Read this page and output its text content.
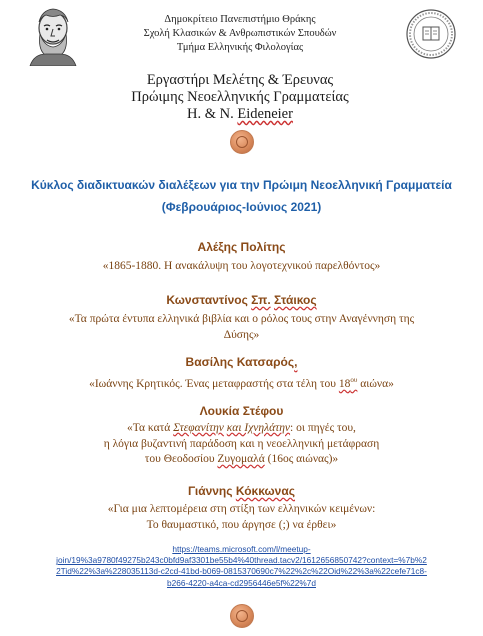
Δημοκρίτειο Πανεπιστήμιο Θράκης
Σχολή Κλασικών & Ανθρωπιστικών Σπουδών
Τμήμα Ελληνικής Φιλολογίας
Εργαστήρι Μελέτης & Έρευνας
Πρώιμης Νεοελληνικής Γραμματείας
Η. & Ν. Eideneier
Κύκλος διαδικτυακών διαλέξεων για την Πρώιμη Νεοελληνική Γραμματεία
(Φεβρουάριος-Ιούνιος 2021)
Αλέξης Πολίτης
«1865-1880. Η ανακάλυψη του λογοτεχνικού παρελθόντος»
Κωνσταντίνος Σπ. Στάικος
«Τα πρώτα έντυπα ελληνικά βιβλία και ο ρόλος τους στην Αναγέννηση της
Δύσης»
Βασίλης Κατσαρός,
«Ιωάννης Κρητικός. Ένας μεταφραστής στα τέλη του $18^{o\upsilon}$ αιώνα»
Λουκία Στέφου
«Τα κατά Στεφανίτην και Ιχνηλάτην: οι πηγές του,
η λόγια βυζαντινή παράδοση και η νεοελληνική μετάφραση
του Θεοδοσίου Ζυγομαλά (16ος αιώνας)»
Γιάννης Κόκκωνας
«Για μια λεπτομέρεια στη στίξη των ελληνικών κειμένων:
Το θαυμαστικό, που άργησε (;) να έρθει»
https://teams.microsoft.com/l/meetup-
join/19%3a9780f49275b243c0bfd9af3301be55b4%40thread.tacv2/1612656850742?context=%7b%2
2Tid%22%3a%228035113d-c2cd-41bd-b069-0815370690c7%22%2c%22Oid%22%3a%22cefe71c8-
b266-4220-a4ca-cd2956446e5f%22%7d
